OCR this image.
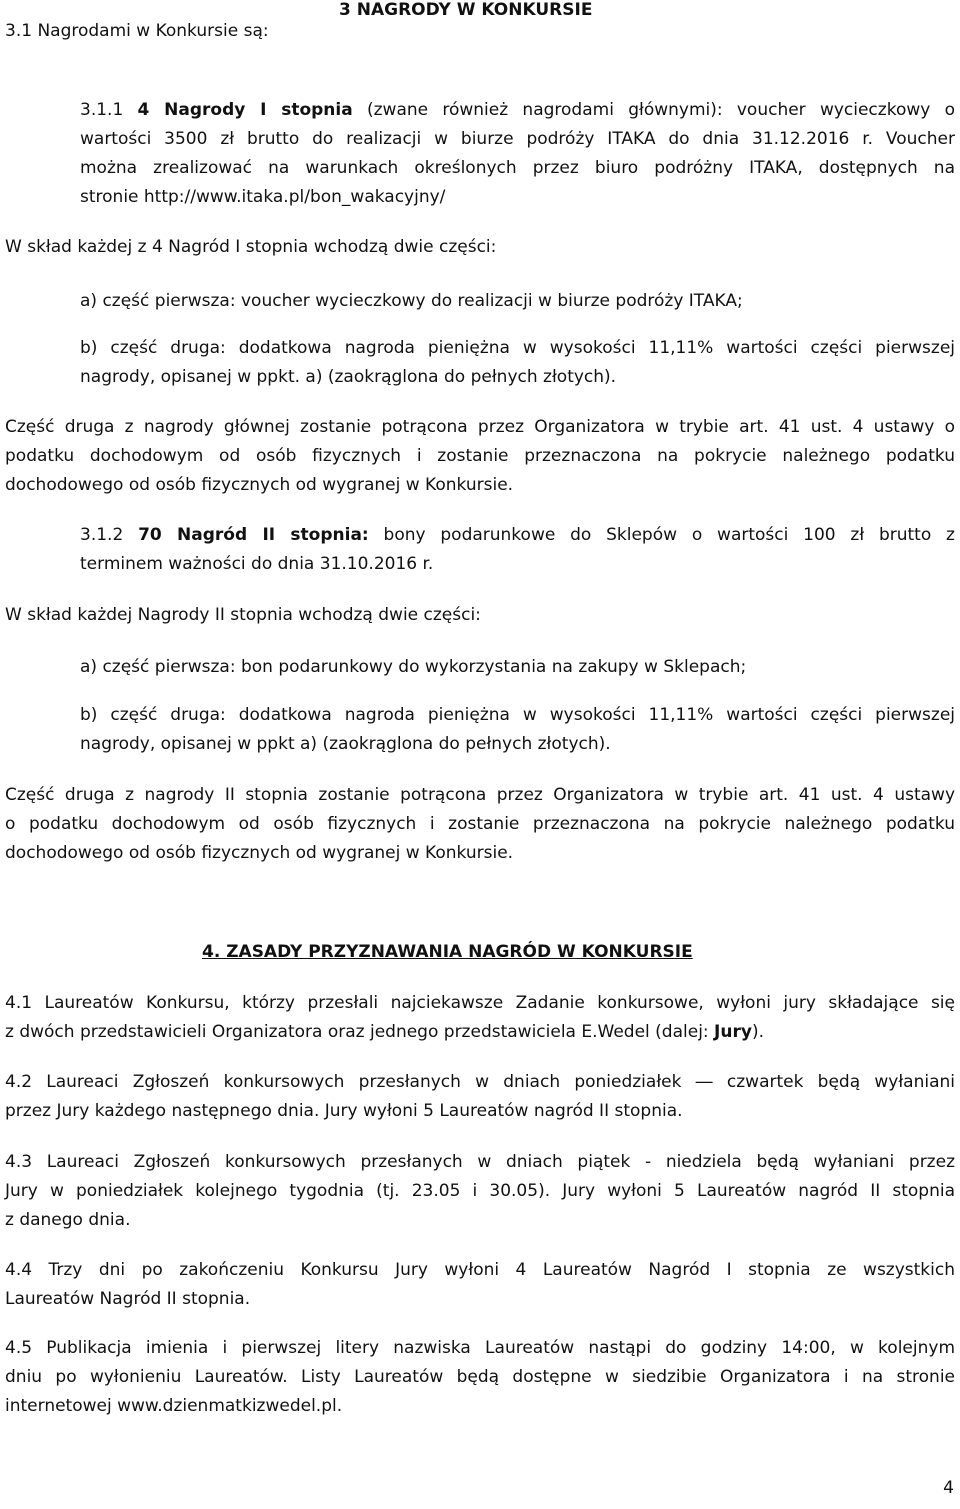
3 NAGRODY W KONKURSIE
3.1 Nagrodami w Konkursie są:
3.1.1 4 Nagrody I stopnia (zwane również nagrodami głównymi): voucher wycieczkowy o
wartości 3500 zł brutto do realizacji w biurze podróży ITAKA do dnia 31.12.2016 r. Voucher
można zrealizować na warunkach określonych przez biuro podróżny ITAKA, dostępnych na
stronie http://www.itaka.pl/bon_wakacyjny/
W skład każdej z 4 Nagród I stopnia wchodzą dwie części:
a) część pierwsza: voucher wycieczkowy do realizacji w biurze podróży ITAKA;
b) część druga: dodatkowa nagroda pieniężna w wysokości 11,11% wartości części pierwszej
nagrody, opisanej w ppkt. a) (zaokrąglona do pełnych złotych).
Część druga z nagrody głównej zostanie potrącona przez Organizatora w trybie art. 41 ust. 4 ustawy o
podatku dochodowym od osób fizycznych i zostanie przeznaczona na pokrycie należnego podatku
dochodowego od osób fizycznych od wygranej w Konkursie.
3.1.2 70 Nagród II stopnia: bony podarunkowe do Sklepów o wartości 100 zł brutto z
terminem ważności do dnia 31.10.2016 r.
W skład każdej Nagrody II stopnia wchodzą dwie części:
a) część pierwsza: bon podarunkowy do wykorzystania na zakupy w Sklepach;
b) część druga: dodatkowa nagroda pieniężna w wysokości 11,11% wartości części pierwszej
nagrody, opisanej w ppkt a) (zaokrąglona do pełnych złotych).
Część druga z nagrody II stopnia zostanie potrącona przez Organizatora w trybie art. 41 ust. 4 ustawy
o podatku dochodowym od osób fizycznych i zostanie przeznaczona na pokrycie należnego podatku
dochodowego od osób fizycznych od wygranej w Konkursie.
4. ZASADY PRZYZNAWANIA NAGRÓD W KONKURSIE
4.1 Laureatów Konkursu, którzy przesłali najciekawsze Zadanie konkursowe, wyłoni jury składające się
z dwóch przedstawicieli Organizatora oraz jednego przedstawiciela E.Wedel (dalej: Jury).
4.2 Laureaci Zgłoszeń konkursowych przesłanych w dniach poniedziałek ― czwartek będą wyłaniani
przez Jury każdego następnego dnia. Jury wyłoni 5 Laureatów nagród II stopnia.
4.3 Laureaci Zgłoszeń konkursowych przesłanych w dniach piątek - niedziela będą wyłaniani przez
Jury w poniedziałek kolejnego tygodnia (tj. 23.05 i 30.05). Jury wyłoni 5 Laureatów nagród II stopnia
z danego dnia.
4.4 Trzy dni po zakończeniu Konkursu Jury wyłoni 4 Laureatów Nagród I stopnia ze wszystkich
Laureatów Nagród II stopnia.
4.5 Publikacja imienia i pierwszej litery nazwiska Laureatów nastąpi do godziny 14:00, w kolejnym
dniu po wyłonieniu Laureatów. Listy Laureatów będą dostępne w siedzibie Organizatora i na stronie
internetowej www.dzienmatkizwedel.pl.
4
